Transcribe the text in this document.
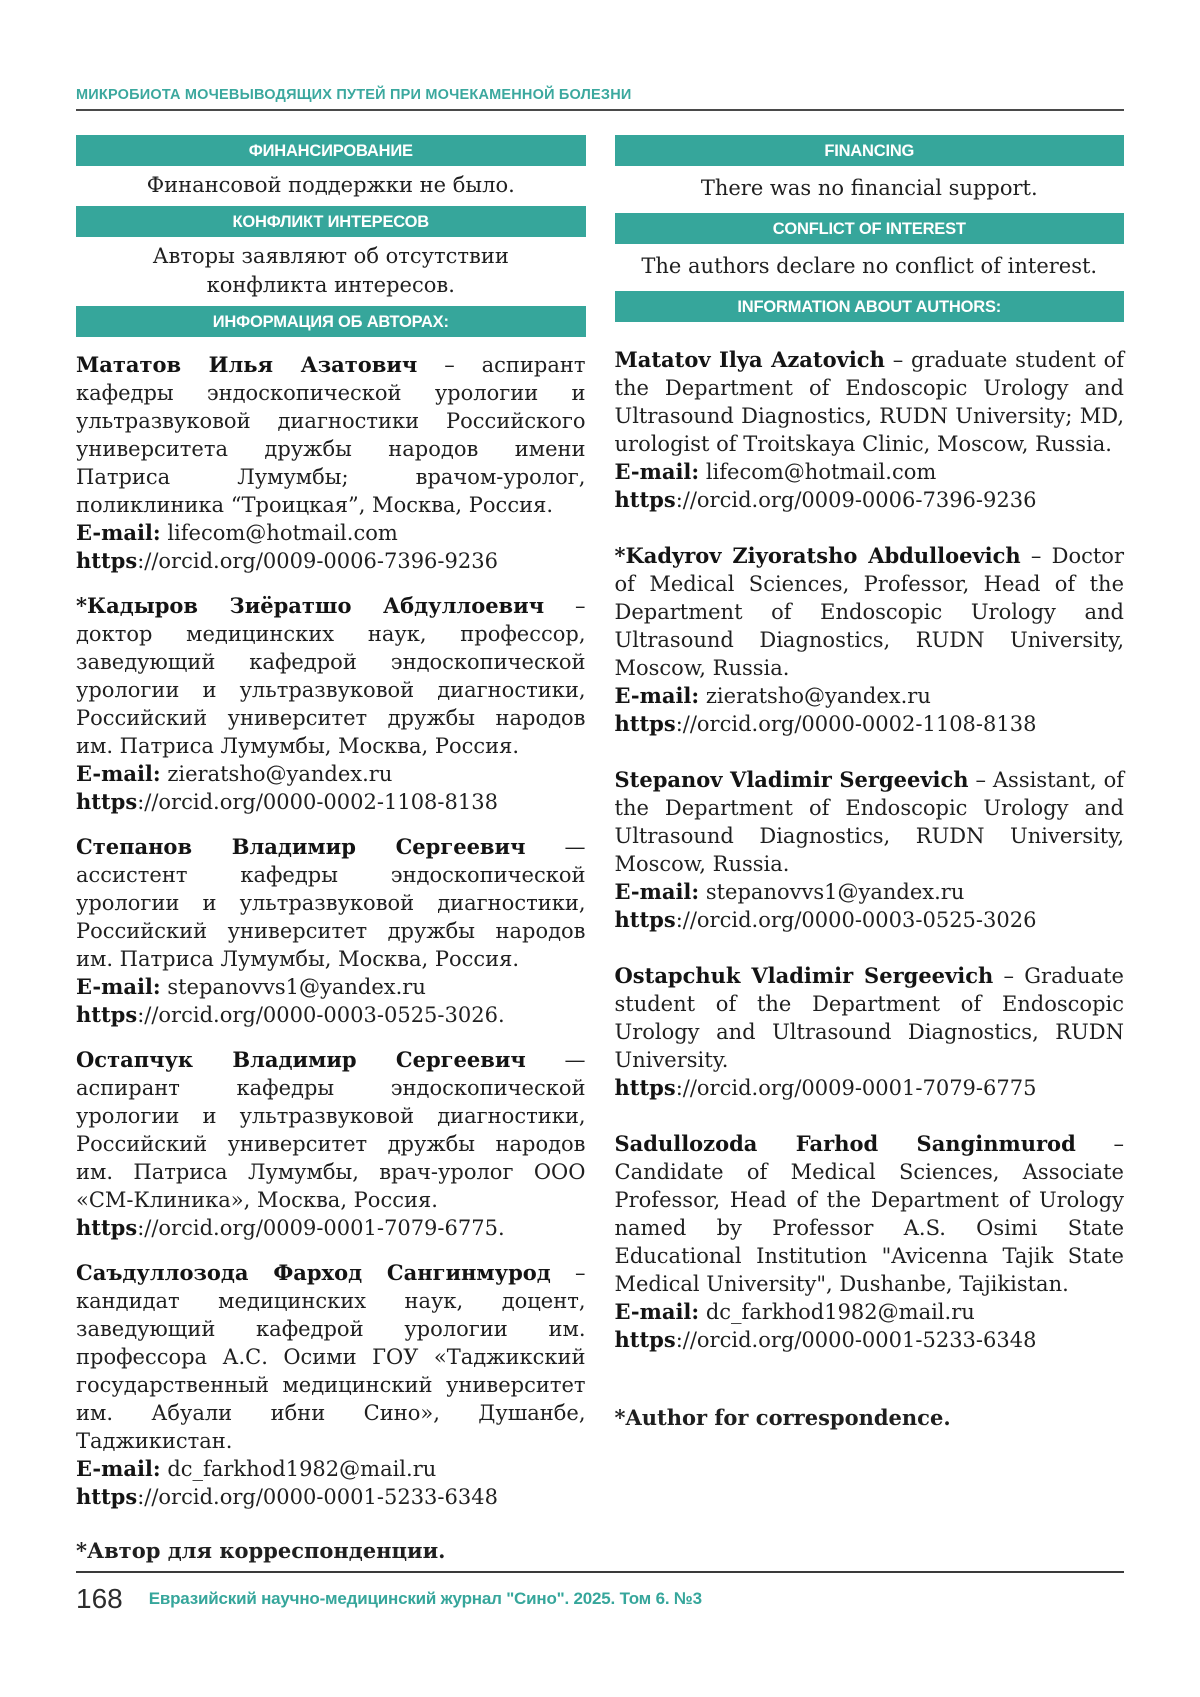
МИКРОБИОТА МОЧЕВЫВОДЯЩИХ ПУТЕЙ ПРИ МОЧЕКАМЕННОЙ БОЛЕЗНИ
ФИНАНСИРОВАНИЕ
Финансовой поддержки не было.
КОНФЛИКТ ИНТЕРЕСОВ
Авторы заявляют об отсутствии
конфликта интересов.
ИНФОРМАЦИЯ ОБ АВТОРАХ:

Мататов Илья Азатович – аспирант кафедры эндоскопической урологии и ультразвуковой диагностики Российского университета дружбы народов имени Патриса Лумумбы; врачом-уролог, поликлиника “Троицкая”, Москва, Россия.

E-mail: lifecom@hotmail.com
https://orcid.org/0009-0006-7396-9236

*Кадыров Зиёратшо Абдуллоевич – доктор медицинских наук, профессор, заведующий кафедрой эндоскопической урологии и ультразвуковой диагностики, Российский университет дружбы народов им. Патриса Лумумбы, Москва, Россия.

E-mail: zieratsho@yandex.ru
https://orcid.org/0000-0002-1108-8138

Степанов Владимир Сергеевич — ассистент кафедры эндоскопической урологии и ультразвуковой диагностики, Российский университет дружбы народов им. Патриса Лумумбы, Москва, Россия.

E-mail: stepanovvs1@yandex.ru
https://orcid.org/0000-0003-0525-3026.

Остапчук Владимир Сергеевич — аспирант кафедры эндоскопической урологии и ультразвуковой диагностики, Российский университет дружбы народов им. Патриса Лумумбы, врач-уролог ООО «СМ-Клиника», Москва, Россия.

https://orcid.org/0009-0001-7079-6775.

Саъдуллозода Фарход Сангинмурод – кандидат медицинских наук, доцент, заведующий кафедрой урологии им. профессора А.С. Осими ГОУ «Таджикский государственный медицинский университет им. Абуали ибни Сино», Душанбе, Таджикистан.

E-mail: dc_farkhod1982@mail.ru
https://orcid.org/0000-0001-5233-6348
*Автор для корреспонденции.
FINANCING
There was no financial support.
CONFLICT OF INTEREST
The authors declare no conflict of interest.
INFORMATION ABOUT AUTHORS:

Matatov Ilya Azatovich – graduate student of the Department of Endoscopic Urology and Ultrasound Diagnostics, RUDN University; MD, urologist of Troitskaya Clinic, Moscow, Russia.

E-mail: lifecom@hotmail.com
https://orcid.org/0009-0006-7396-9236

*Kadyrov Ziyoratsho Abdulloevich – Doctor of Medical Sciences, Professor, Head of the Department of Endoscopic Urology and Ultrasound Diagnostics, RUDN University, Moscow, Russia.

E-mail: zieratsho@yandex.ru
https://orcid.org/0000-0002-1108-8138

Stepanov Vladimir Sergeevich – Assistant, of the Department of Endoscopic Urology and Ultrasound Diagnostics, RUDN University, Moscow, Russia.

E-mail: stepanovvs1@yandex.ru
https://orcid.org/0000-0003-0525-3026

Ostapchuk Vladimir Sergeevich – Graduate student of the Department of Endoscopic Urology and Ultrasound Diagnostics, RUDN University.

https://orcid.org/0009-0001-7079-6775

Sadullozoda Farhod Sanginmurod – Candidate of Medical Sciences, Associate Professor, Head of the Department of Urology named by Professor A.S. Osimi State Educational Institution "Avicenna Tajik State Medical University", Dushanbe, Tajikistan.

E-mail: dc_farkhod1982@mail.ru
https://orcid.org/0000-0001-5233-6348
*Author for correspondence.
168 Евразийский научно-медицинский журнал "Сино". 2025. Том 6. №3
